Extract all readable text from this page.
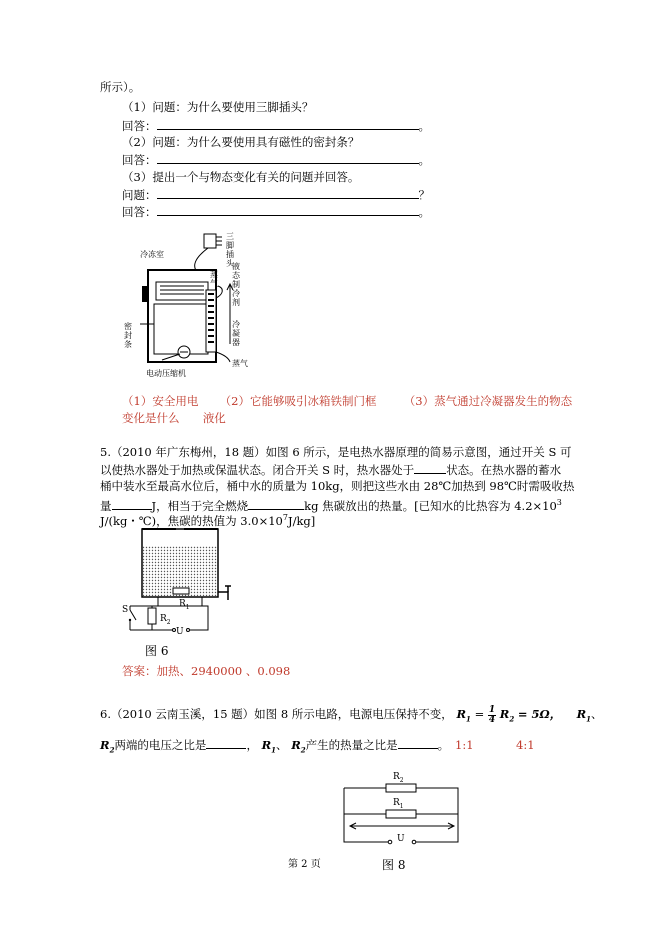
所示）。
（1）问题：为什么要使用三脚插头？
回答：	。
（2）问题：为什么要使用具有磁性的密封条？
回答：	。
（3）提出一个与物态变化有关的问题并回答。
问题：	？
回答：	。
冷冻室
三脚插头
蒸气
液态制冷剂
冷凝器
密封条
电动压缩机
蒸气
（1）安全用电 （2）它能够吸引冰箱铁制门框 （3）蒸气通过冷凝器发生的物态
变化是什么 液化
5.（2010 年广东梅州，18 题）如图 6 所示，是电热水器原理的简易示意图，通过开关 S 可
以使热水器处于加热或保温状态。闭合开关 S 时，热水器处于	状态。在热水器的蓄水
桶中装水至最高水位后，桶中水的质量为 10kg，则把这些水由 28℃加热到 98℃时需吸收热
量	J，相当于完全燃烧	kg 焦碳放出的热量。[已知水的比热容为 $4.2\times 10^3$
J/(kg・℃)，焦碳的热值为 $3.0\times 10^7J/kg$]
$R_1$
$R_2$
S
U
图 6
答案：加热、2940000 、0.098
6.（2010 云南玉溪，15 题）如图 8 所示电路，电源电压保持不变， $R_1 = \frac{1}{4} R_2 = 5\Omega$， $R_1$、
$R_2$两端的电压之比是	， $R_1$、 $R_2$产生的热量之比是	。 1:1	4:1
$R_2$
$R_1$
U
第 2 页	图 8
